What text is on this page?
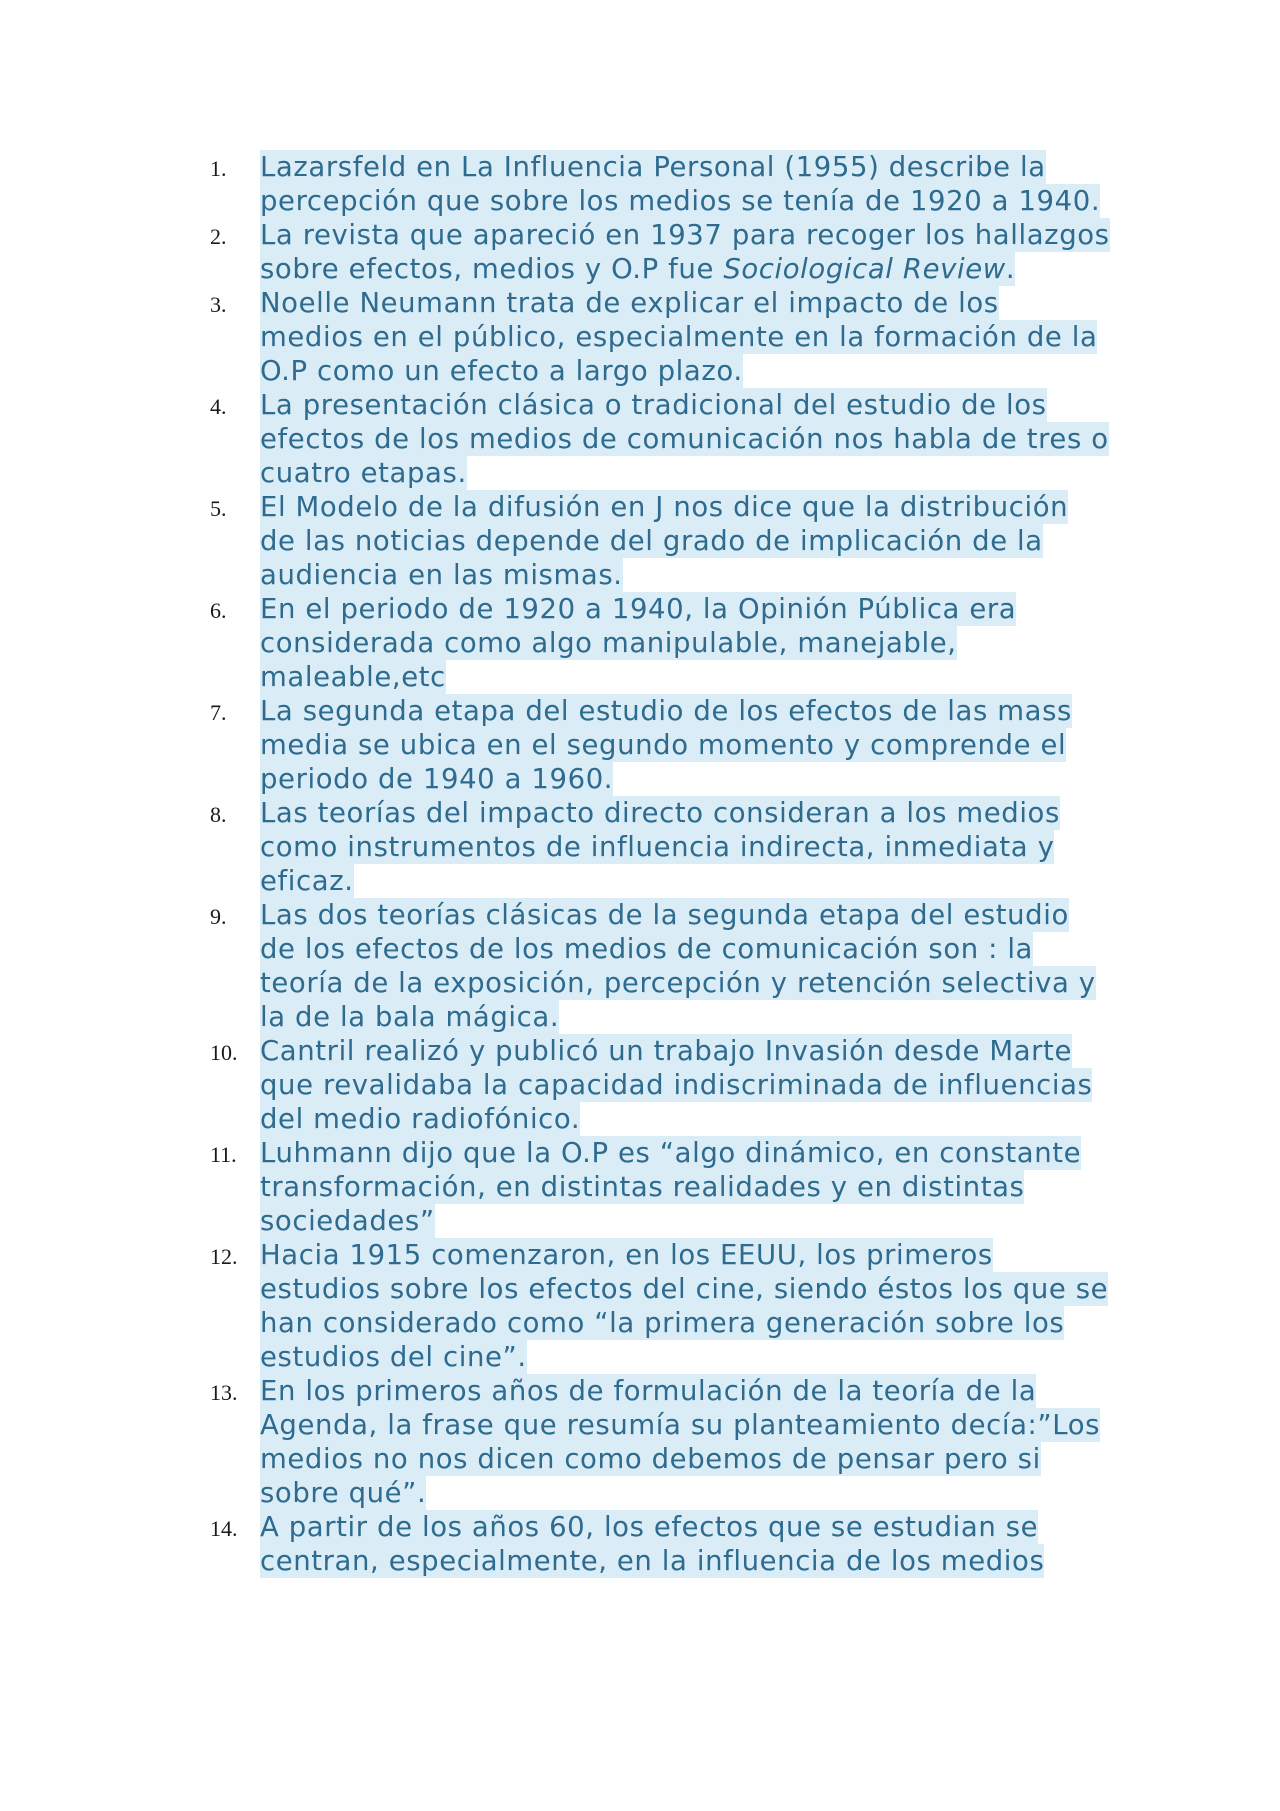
1.	Lazarsfeld en La Influencia Personal (1955) describe la percepción que sobre los medios se tenía de 1920 a 1940.
2.	La revista que apareció en 1937 para recoger los hallazgos sobre efectos, medios y O.P fue Sociological Review.
3.	Noelle Neumann trata de explicar el impacto de los medios en el público, especialmente en la formación de la O.P como un efecto a largo plazo.
4.	La presentación clásica o tradicional del estudio de los efectos de los medios de comunicación nos habla de tres o cuatro etapas.
5.	El Modelo de la difusión en J nos dice que la distribución de las noticias depende del grado de implicación de la audiencia en las mismas.
6.	En el periodo de 1920 a 1940, la Opinión Pública era considerada como algo manipulable, manejable, maleable,etc
7.	La segunda etapa del estudio de los efectos de las mass media se ubica en el segundo momento y comprende el periodo de 1940 a 1960.
8.	Las teorías del impacto directo consideran a los medios como instrumentos de influencia indirecta, inmediata y eficaz.
9.	Las dos teorías clásicas de la segunda etapa del estudio de los efectos de los medios de comunicación son : la teoría de la exposición, percepción y retención selectiva y la de la bala mágica.
10. Cantril realizó y publicó un trabajo Invasión desde Marte que revalidaba la capacidad indiscriminada de influencias del medio radiofónico.
11. Luhmann dijo que la O.P es “algo dinámico, en constante transformación, en distintas realidades y en distintas sociedades”
12. Hacia 1915 comenzaron, en los EEUU, los primeros estudios sobre los efectos del cine, siendo éstos los que se han considerado como “la primera generación sobre los estudios del cine”.
13. En los primeros años de formulación de la teoría de la Agenda, la frase que resumía su planteamiento decía:”Los medios no nos dicen como debemos de pensar pero si sobre qué”.
14. A partir de los años 60, los efectos que se estudian se centran, especialmente, en la influencia de los medios
